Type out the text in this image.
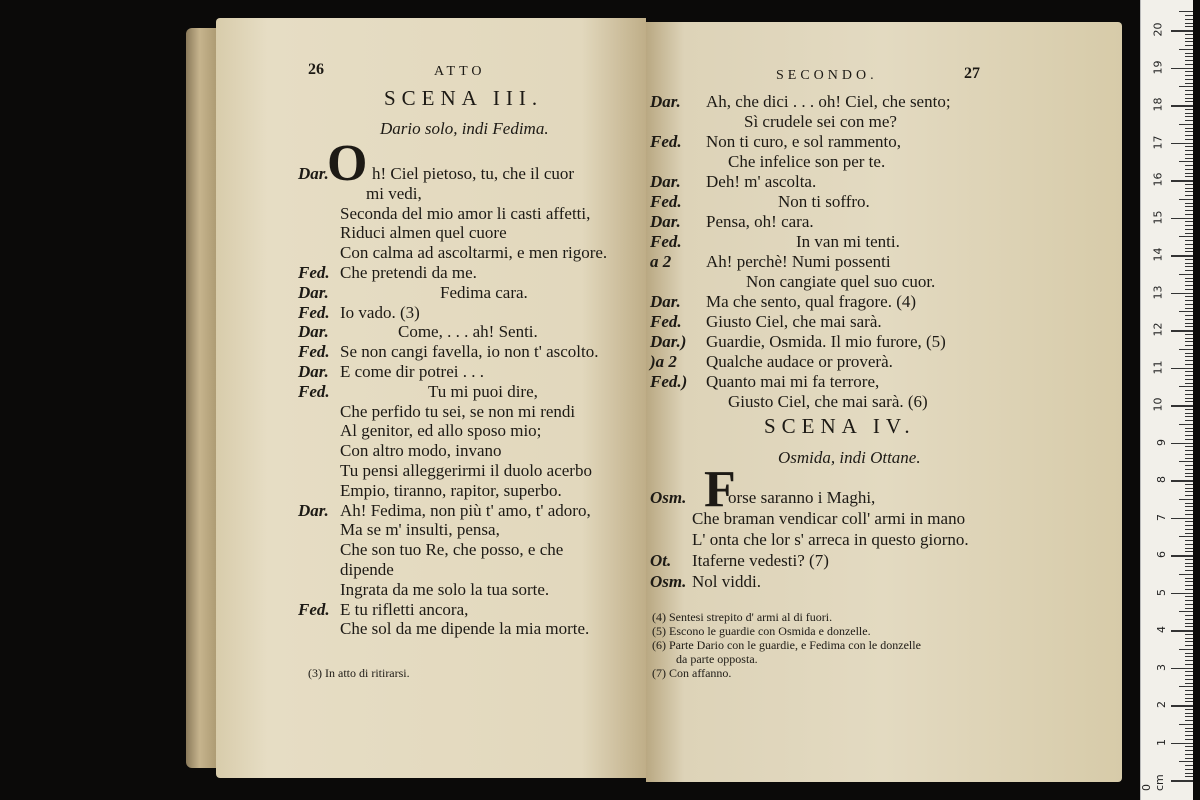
26	ATTO
SCENA III.
Dario solo, indi Fedima.
O
Dar.	h! Ciel pietoso, tu, che il cuor
mi vedi,
Seconda del mio amor li casti affetti,
Riduci almen quel cuore
Con calma ad ascoltarmi, e men rigore.
Fed. Che pretendi da me.
Dar.	Fedima cara.
Fed. Io vado. (3)
Dar.	Come, . . . ah! Senti.
Fed. Se non cangi favella, io non t' ascolto.
Dar. E come dir potrei . . .
Fed.	Tu mi puoi dire,
Che perfido tu sei, se non mi rendi
Al genitor, ed allo sposo mio;
Con altro modo, invano
Tu pensi alleggerirmi il duolo acerbo
Empio, tiranno, rapitor, superbo.
Dar. Ah! Fedima, non più t' amo, t' adoro,
Ma se m' insulti, pensa,
Che son tuo Re, che posso, e che
dipende
Ingrata da me solo la tua sorte.
Fed. E tu rifletti ancora,
Che sol da me dipende la mia morte.
(3) In atto di ritirarsi.
SECONDO.	27
Dar. Ah, che dici . . . oh! Ciel, che sento;
Sì crudele sei con me?
Fed. Non ti curo, e sol rammento,
Che infelice son per te.
Dar. Deh! m' ascolta.
Fed.	Non ti soffro.
Dar. Pensa, oh! cara.
Fed.	In van mi tenti.
a 2 Ah! perchè! Numi possenti
Non cangiate quel suo cuor.
Dar. Ma che sento, qual fragore. (4)
Fed. Giusto Ciel, che mai sarà.
Dar.) Guardie, Osmida. Il mio furore, (5)
)a 2 Qualche audace or proverà.
Fed.) Quanto mai mi fa terrore,
Giusto Ciel, che mai sarà. (6)
SCENA IV.
Osmida, indi Ottane.
F
Osm. orse saranno i Maghi,
Che braman vendicar coll' armi in mano
L' onta che lor s' arreca in questo giorno.
Ot. Itaferne vedesti? (7)
Osm. Nol viddi.
(4) Sentesi strepito d' armi al di fuori.
(5) Escono le guardie con Osmida e donzelle.
(6) Parte Dario con le guardie, e Fedima con le donzelle
da parte opposta.
(7) Con affanno.
0 cm
1
2
3
4
5
6
7
8
9
10
11
12
13
14
15
16
17
18
19
20
